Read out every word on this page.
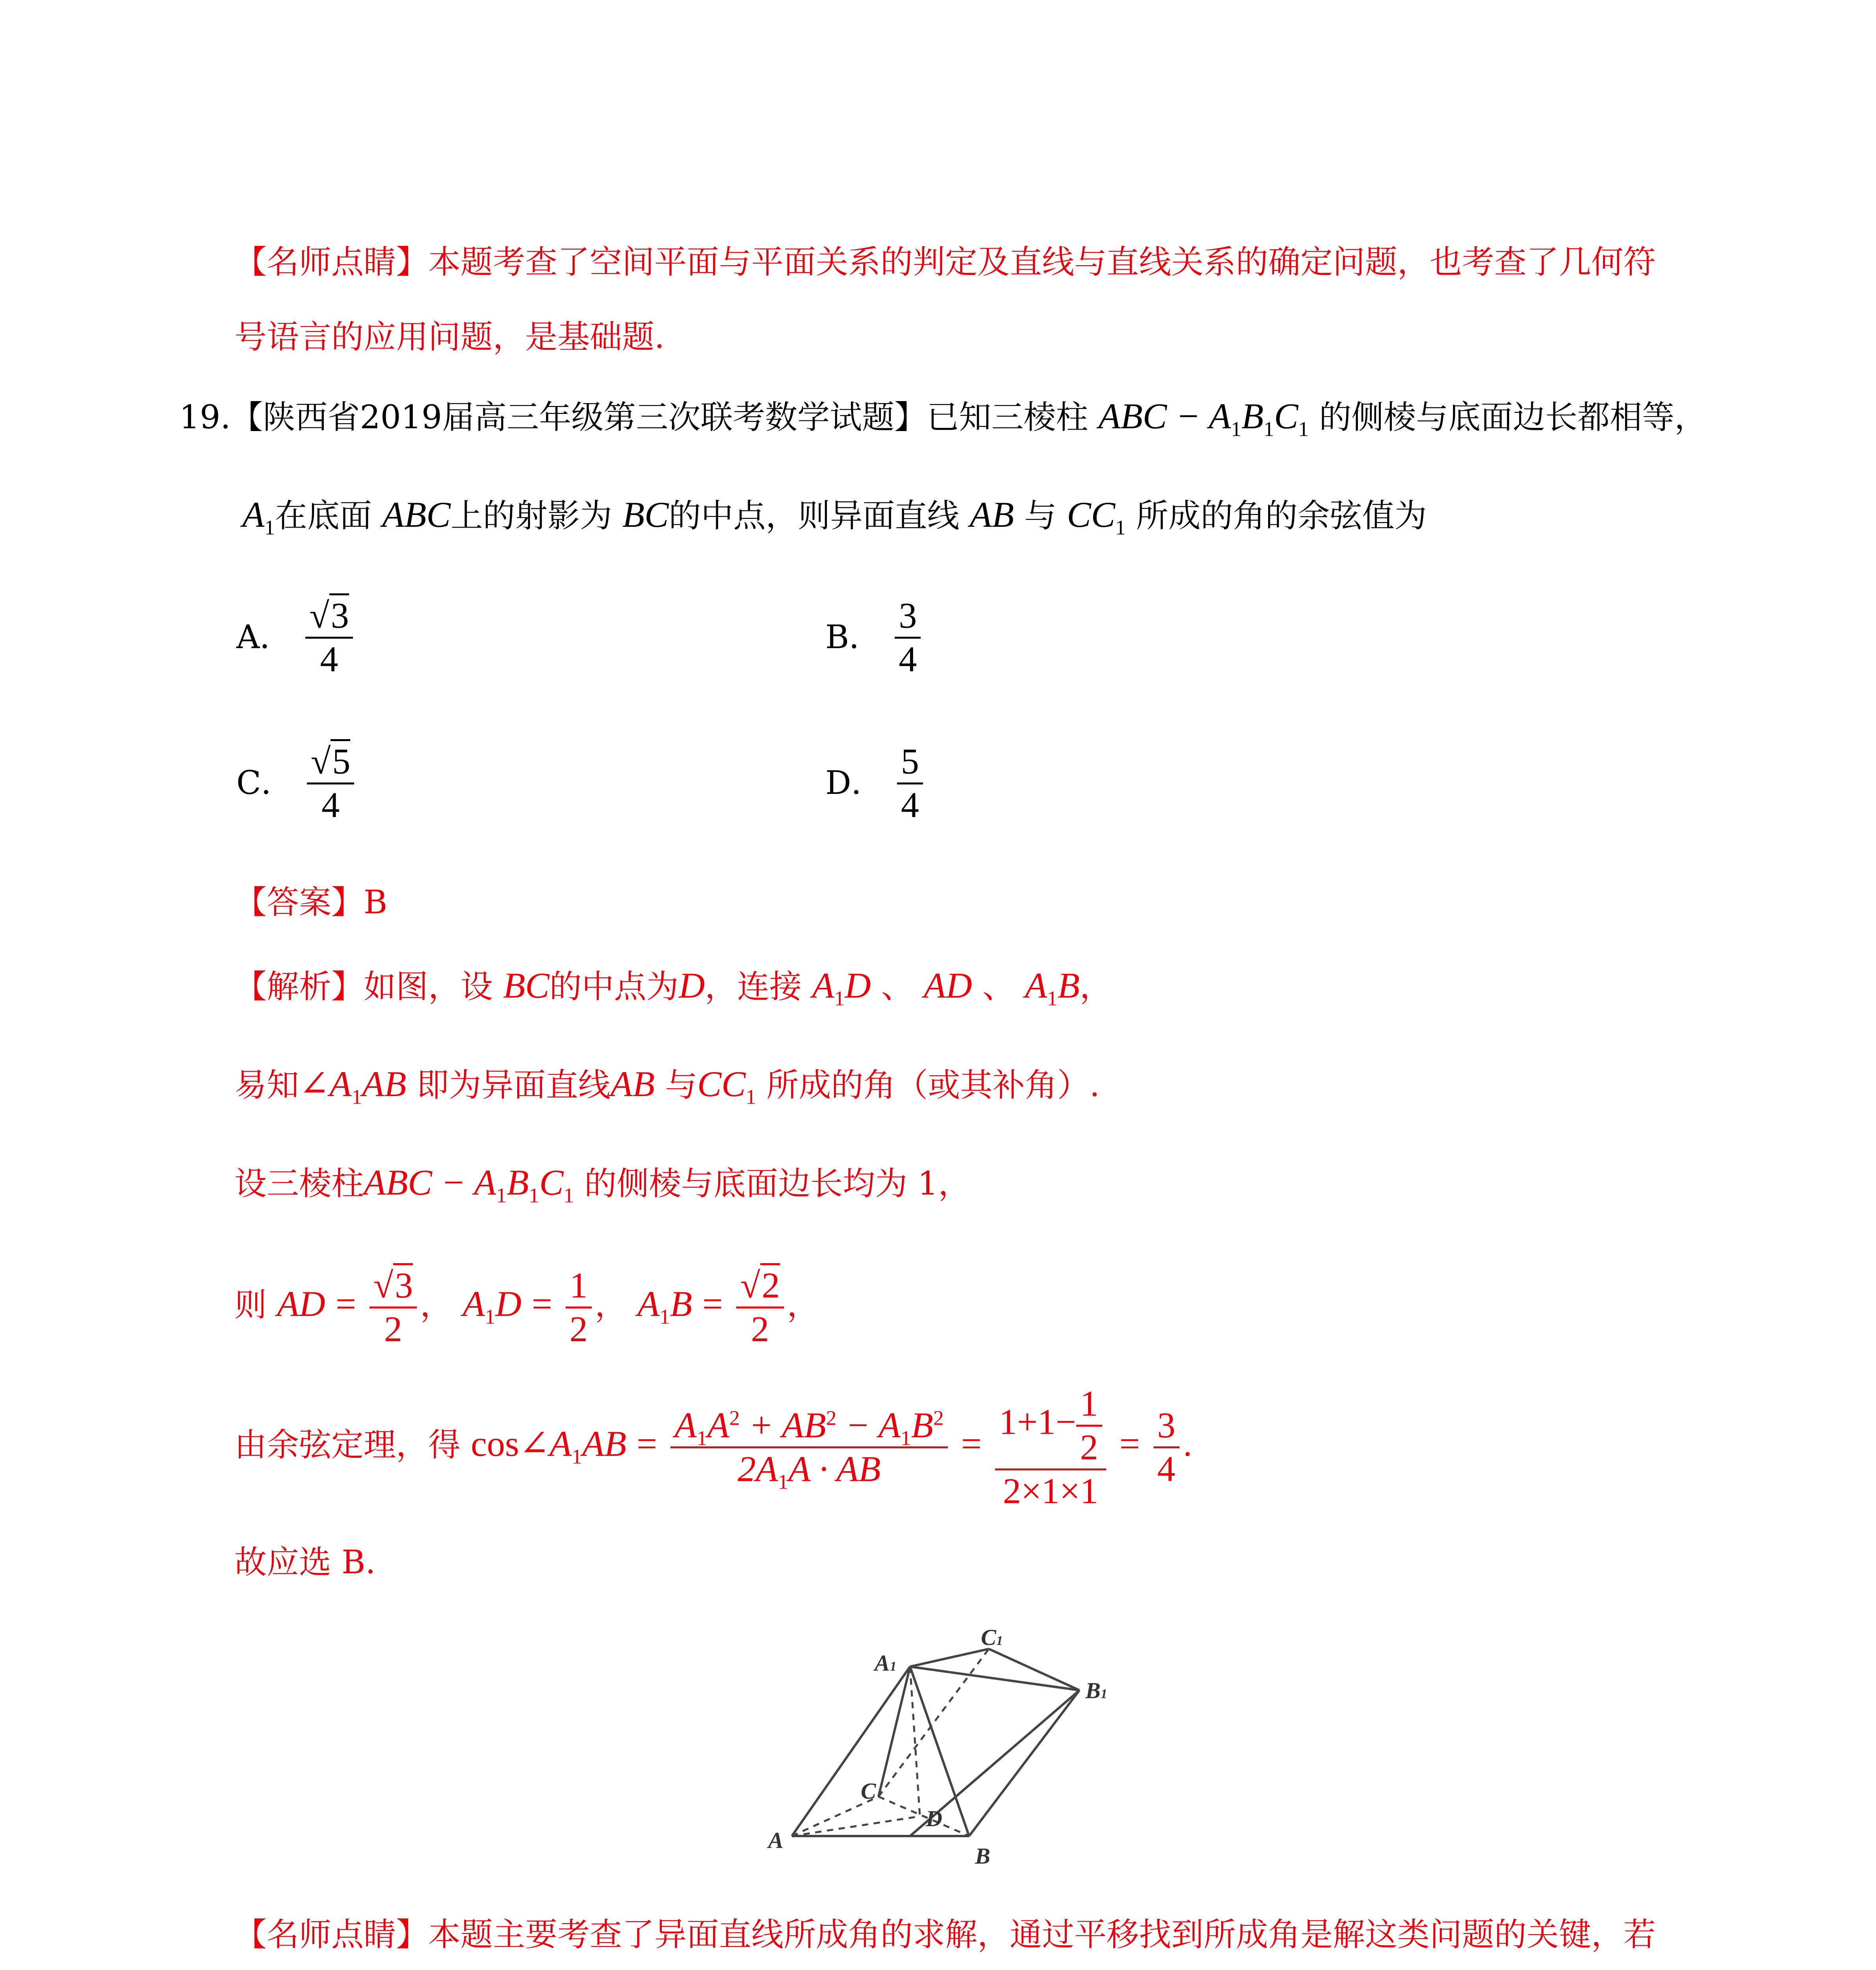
【名师点睛】本题考查了空间平面与平面关系的判定及直线与直线关系的确定问题，也考查了几何符
号语言的应用问题，是基础题.
19.【陕西省2019届高三年级第三次联考数学试题】已知三棱柱 ABC − $A_1B_1C_1$ 的侧棱与底面边长都相等，
$A_1$在底面 ABC上的射影为 BC的中点，则异面直线 AB 与 $CC_1$ 所成的角的余弦值为
A． $\frac{√3}{4}$	B． $\frac{3}{4}$
C． $\frac{√5}{4}$	D． $\frac{5}{4}$
【答案】B
【解析】如图，设 BC的中点为D，连接 $A_1D$ 、 AD 、 $A_1B$，
易知$\angle A_1AB$ 即为异面直线AB 与$CC_1$ 所成的角（或其补角）.
设三棱柱ABC − $A_1B_1C_1$ 的侧棱与底面边长均为 1，
则 AD = $\frac{√3}{2}$ ， $A_1D = \frac{1}{2}$ ， $A_1B = \frac{√2}{2}$ ，
由余弦定理，得 $\cos\angle A_1AB = \frac{A_1A^2 + AB^2 - A_1B^2}{2A_1A \cdot AB} = \frac{1+1- \frac{1}{2}}{2\times 1\times 1} = \frac{3}{4}$ .
故应选 B.
A
B
C
D
A1
B1
C1
【名师点睛】本题主要考查了异面直线所成角的求解，通过平移找到所成角是解这类问题的关键，若
